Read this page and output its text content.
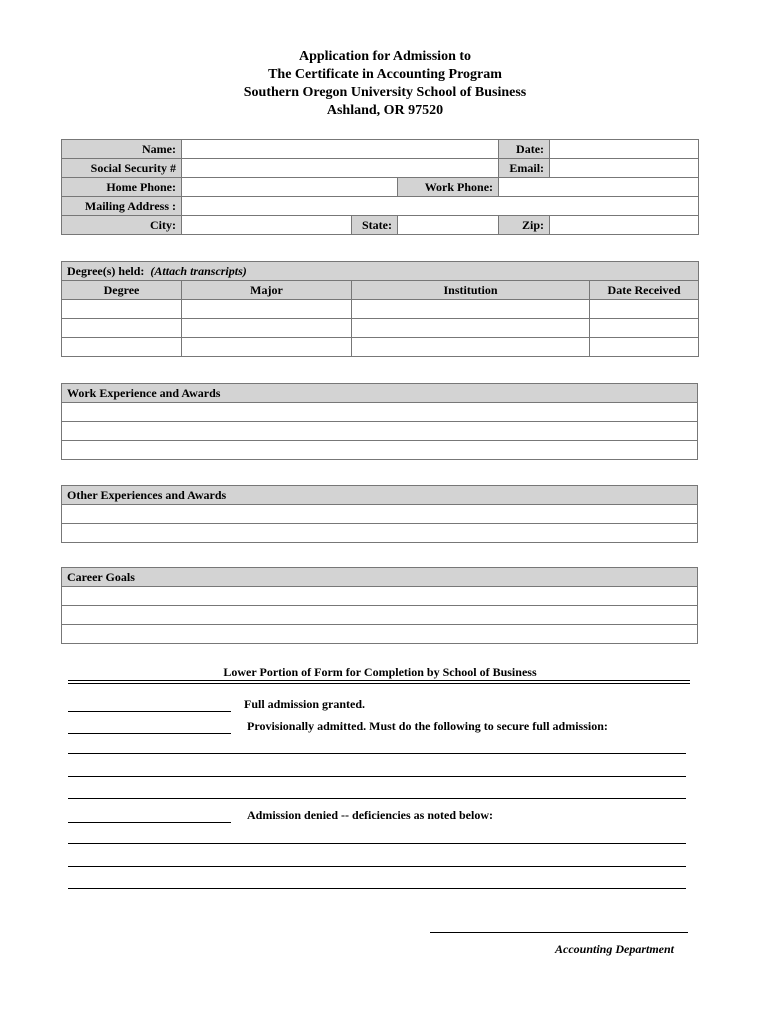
Application for Admission to
The Certificate in Accounting Program
Southern Oregon University School of Business
Ashland, OR 97520
Name:				Date:	
Social Security #				Email:	
Home Phone:			Work Phone:		
Mailing Address :					
City:		State:		Zip:	
Degree(s) held: (Attach transcripts)			
Degree	Major	Institution	Date Received

Work Experience and Awards

Other Experiences and Awards

Career Goals

Lower Portion of Form for Completion by School of Business
Full admission granted.
Provisionally admitted. Must do the following to secure full admission:
Admission denied -- deficiencies as noted below:
Accounting Department
